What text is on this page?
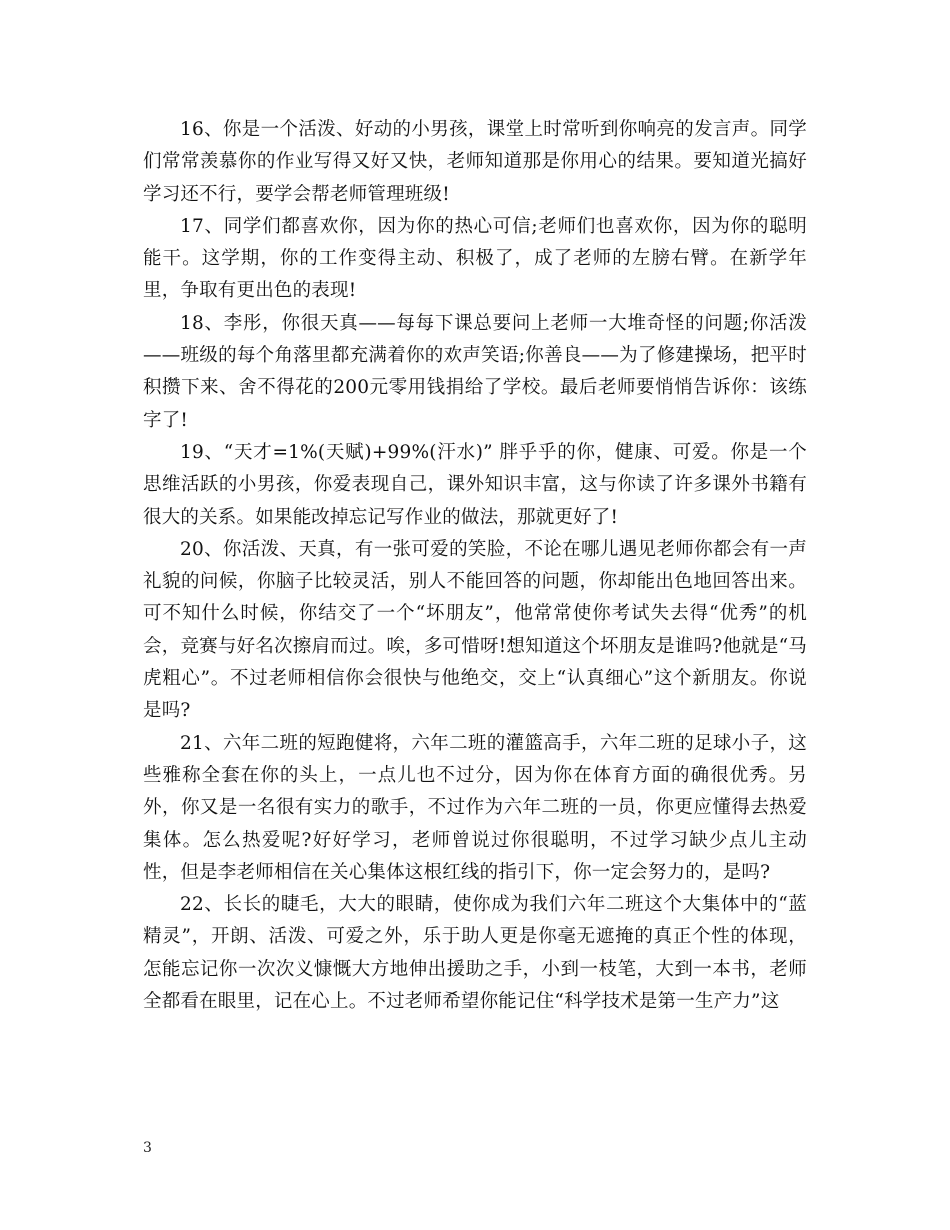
16、你是一个活泼、好动的小男孩，课堂上时常听到你响亮的发言声。同学们常常羡慕你的作业写得又好又快，老师知道那是你用心的结果。要知道光搞好学习还不行，要学会帮老师管理班级!

17、同学们都喜欢你，因为你的热心可信;老师们也喜欢你，因为你的聪明能干。这学期，你的工作变得主动、积极了，成了老师的左膀右臂。在新学年里，争取有更出色的表现!

18、李彤，你很天真——每每下课总要问上老师一大堆奇怪的问题;你活泼——班级的每个角落里都充满着你的欢声笑语;你善良——为了修建操场，把平时积攒下来、舍不得花的200元零用钱捐给了学校。最后老师要悄悄告诉你：该练字了!

19、“天才=1%(天赋)+99%(汗水)” 胖乎乎的你，健康、可爱。你是一个思维活跃的小男孩，你爱表现自己，课外知识丰富，这与你读了许多课外书籍有很大的关系。如果能改掉忘记写作业的做法，那就更好了!

20、你活泼、天真，有一张可爱的笑脸，不论在哪儿遇见老师你都会有一声礼貌的问候，你脑子比较灵活，别人不能回答的问题，你却能出色地回答出来。可不知什么时候，你结交了一个“坏朋友”，他常常使你考试失去得“优秀”的机会，竞赛与好名次擦肩而过。唉，多可惜呀!想知道这个坏朋友是谁吗?他就是“马虎粗心”。不过老师相信你会很快与他绝交，交上“认真细心”这个新朋友。你说是吗?

21、六年二班的短跑健将，六年二班的灌篮高手，六年二班的足球小子，这些雅称全套在你的头上，一点儿也不过分，因为你在体育方面的确很优秀。另外，你又是一名很有实力的歌手，不过作为六年二班的一员，你更应懂得去热爱集体。怎么热爱呢?好好学习，老师曾说过你很聪明，不过学习缺少点儿主动性，但是李老师相信在关心集体这根红线的指引下，你一定会努力的，是吗?

22、长长的睫毛，大大的眼睛，使你成为我们六年二班这个大集体中的“蓝精灵”，开朗、活泼、可爱之外，乐于助人更是你毫无遮掩的真正个性的体现，怎能忘记你一次次义慷慨大方地伸出援助之手，小到一枝笔，大到一本书，老师全都看在眼里，记在心上。不过老师希望你能记住“科学技术是第一生产力”这

3
